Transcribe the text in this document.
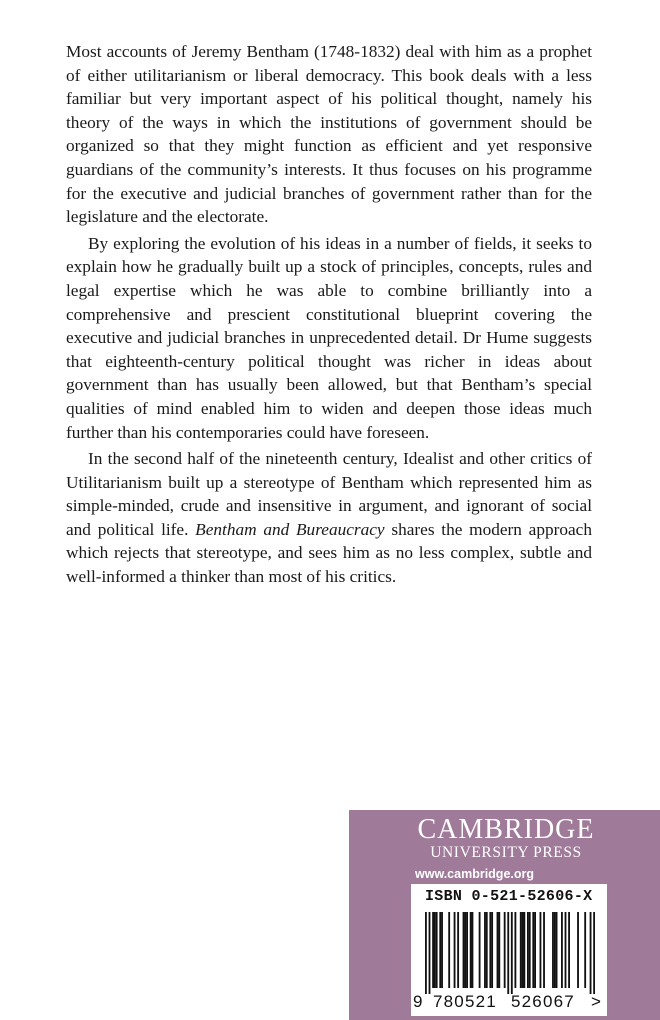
Most accounts of Jeremy Bentham (1748-1832) deal with him as a prophet of either utilitarianism or liberal democracy. This book deals with a less familiar but very important aspect of his political thought, namely his theory of the ways in which the institutions of government should be organized so that they might function as efficient and yet responsive guardians of the community’s interests. It thus focuses on his programme for the executive and judicial branches of government rather than for the legislature and the electorate.

By exploring the evolution of his ideas in a number of fields, it seeks to explain how he gradually built up a stock of principles, concepts, rules and legal expertise which he was able to combine brilliantly into a comprehensive and prescient constitutional blueprint covering the executive and judicial branches in unprecedented detail. Dr Hume suggests that eighteenth-century political thought was richer in ideas about government than has usually been allowed, but that Bentham’s special qualities of mind enabled him to widen and deepen those ideas much further than his contemporaries could have foreseen.

In the second half of the nineteenth century, Idealist and other critics of Utilitarianism built up a stereotype of Bentham which represented him as simple-minded, crude and insensitive in argument, and ignorant of social and political life. Bentham and Bureaucracy shares the modern approach which rejects that stereotype, and sees him as no less complex, subtle and well-informed a thinker than most of his critics.

CAMBRIDGE
UNIVERSITY PRESS
www.cambridge.org
ISBN 0-521-52606-X
9 780521 526067 >
